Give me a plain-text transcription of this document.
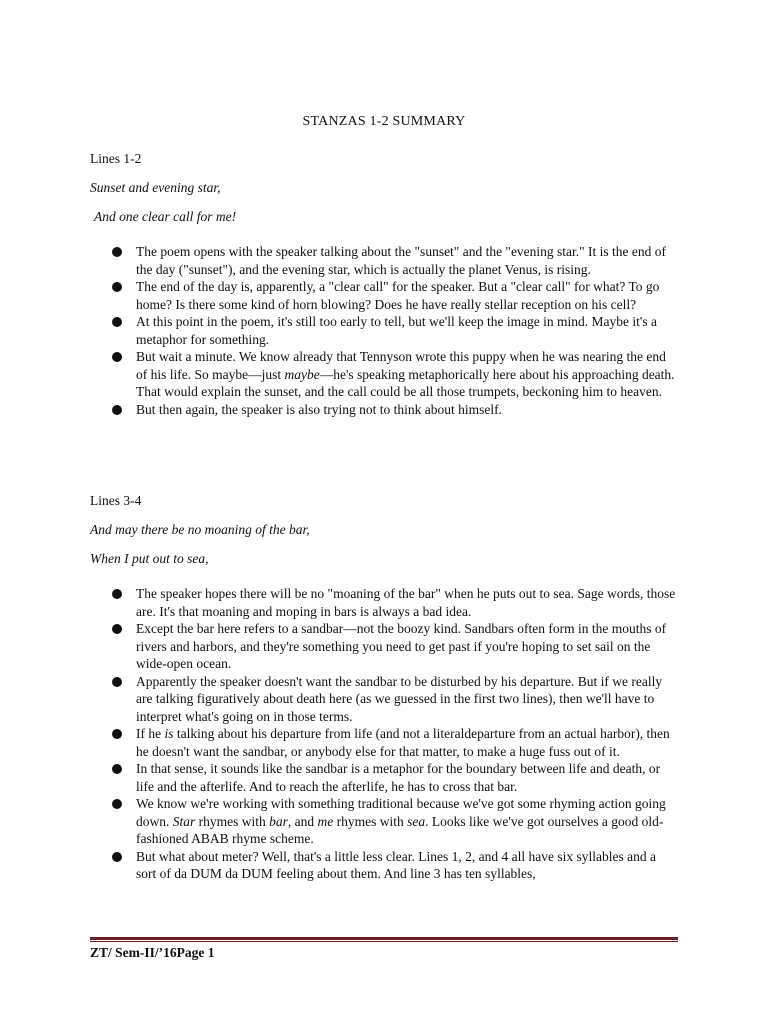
STANZAS 1-2 SUMMARY

Lines 1-2

Sunset and evening star,

And one clear call for me!

The poem opens with the speaker talking about the "sunset" and the "evening star." It is the end of the day ("sunset"), and the evening star, which is actually the planet Venus, is rising.
The end of the day is, apparently, a "clear call" for the speaker. But a "clear call" for what? To go home? Is there some kind of horn blowing? Does he have really stellar reception on his cell?
At this point in the poem, it's still too early to tell, but we'll keep the image in mind. Maybe it's a metaphor for something.
But wait a minute. We know already that Tennyson wrote this puppy when he was nearing the end of his life. So maybe—just maybe—he's speaking metaphorically here about his approaching death. That would explain the sunset, and the call could be all those trumpets, beckoning him to heaven.
But then again, the speaker is also trying not to think about himself.

Lines 3-4

And may there be no moaning of the bar,

When I put out to sea,

The speaker hopes there will be no "moaning of the bar" when he puts out to sea. Sage words, those are. It's that moaning and moping in bars is always a bad idea.
Except the bar here refers to a sandbar—not the boozy kind. Sandbars often form in the mouths of rivers and harbors, and they're something you need to get past if you're hoping to set sail on the wide-open ocean.
Apparently the speaker doesn't want the sandbar to be disturbed by his departure. But if we really are talking figuratively about death here (as we guessed in the first two lines), then we'll have to interpret what's going on in those terms.
If he is talking about his departure from life (and not a literaldeparture from an actual harbor), then he doesn't want the sandbar, or anybody else for that matter, to make a huge fuss out of it.
In that sense, it sounds like the sandbar is a metaphor for the boundary between life and death, or life and the afterlife. And to reach the afterlife, he has to cross that bar.
We know we're working with something traditional because we've got some rhyming action going down. Star rhymes with bar, and me rhymes with sea. Looks like we've got ourselves a good old-fashioned ABAB rhyme scheme.
But what about meter? Well, that's a little less clear. Lines 1, 2, and 4 all have six syllables and a sort of da DUM da DUM feeling about them. And line 3 has ten syllables,
ZT/ Sem-II/’16Page 1
